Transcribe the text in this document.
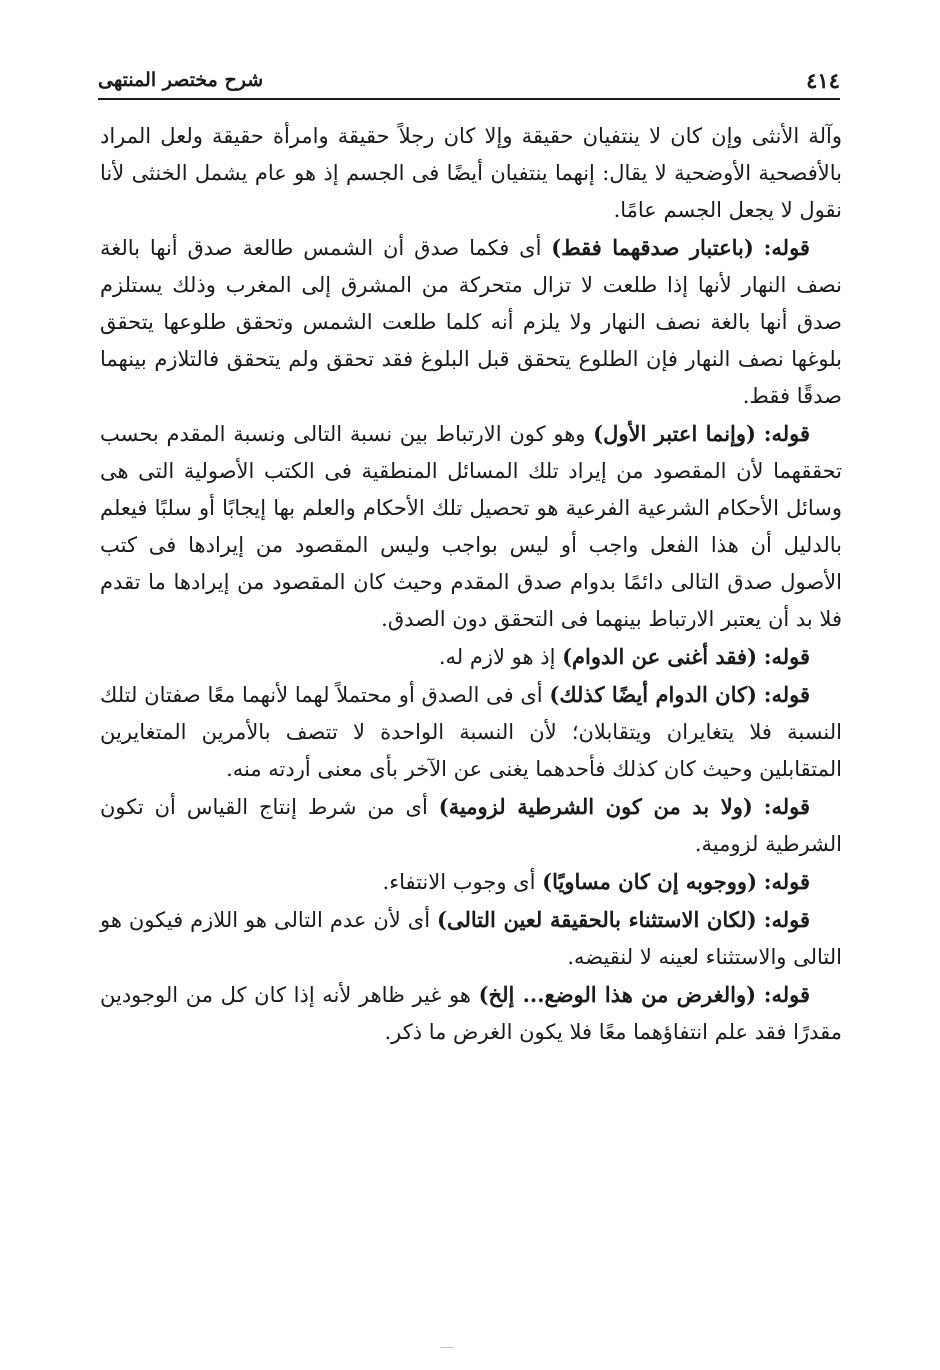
٤١٤
شرح مختصر المنتهى

وآلة الأنثى وإن كان لا ينتفيان حقيقة وإلا كان رجلاً حقيقة وامرأة حقيقة ولعل المراد بالأفصحية الأوضحية لا يقال: إنهما ينتفيان أيضًا فى الجسم إذ هو عام يشمل الخنثى لأنا نقول لا يجعل الجسم عامًا.

قوله: (باعتبار صدقهما فقط) أى فكما صدق أن الشمس طالعة صدق أنها بالغة نصف النهار لأنها إذا طلعت لا تزال متحركة من المشرق إلى المغرب وذلك يستلزم صدق أنها بالغة نصف النهار ولا يلزم أنه كلما طلعت الشمس وتحقق طلوعها يتحقق بلوغها نصف النهار فإن الطلوع يتحقق قبل البلوغ فقد تحقق ولم يتحقق فالتلازم بينهما صدقًا فقط.

قوله: (وإنما اعتبر الأول) وهو كون الارتباط بين نسبة التالى ونسبة المقدم بحسب تحققهما لأن المقصود من إيراد تلك المسائل المنطقية فى الكتب الأصولية التى هى وسائل الأحكام الشرعية الفرعية هو تحصيل تلك الأحكام والعلم بها إيجابًا أو سلبًا فيعلم بالدليل أن هذا الفعل واجب أو ليس بواجب وليس المقصود من إيرادها فى كتب الأصول صدق التالى دائمًا بدوام صدق المقدم وحيث كان المقصود من إيرادها ما تقدم فلا بد أن يعتبر الارتباط بينهما فى التحقق دون الصدق.

قوله: (فقد أغنى عن الدوام) إذ هو لازم له.

قوله: (كان الدوام أيضًا كذلك) أى فى الصدق أو محتملاً لهما لأنهما معًا صفتان لتلك النسبة فلا يتغايران ويتقابلان؛ لأن النسبة الواحدة لا تتصف بالأمرين المتغايرين المتقابلين وحيث كان كذلك فأحدهما يغنى عن الآخر بأى معنى أردته منه.

قوله: (ولا بد من كون الشرطية لزومية) أى من شرط إنتاج القياس أن تكون الشرطية لزومية.

قوله: (ووجوبه إن كان مساويًا) أى وجوب الانتفاء.

قوله: (لكان الاستثناء بالحقيقة لعين التالى) أى لأن عدم التالى هو اللازم فيكون هو التالى والاستثناء لعينه لا لنقيضه.

قوله: (والغرض من هذا الوضع... إلخ) هو غير ظاهر لأنه إذا كان كل من الوجودين مقدرًا فقد علم انتفاؤهما معًا فلا يكون الغرض ما ذكر.
